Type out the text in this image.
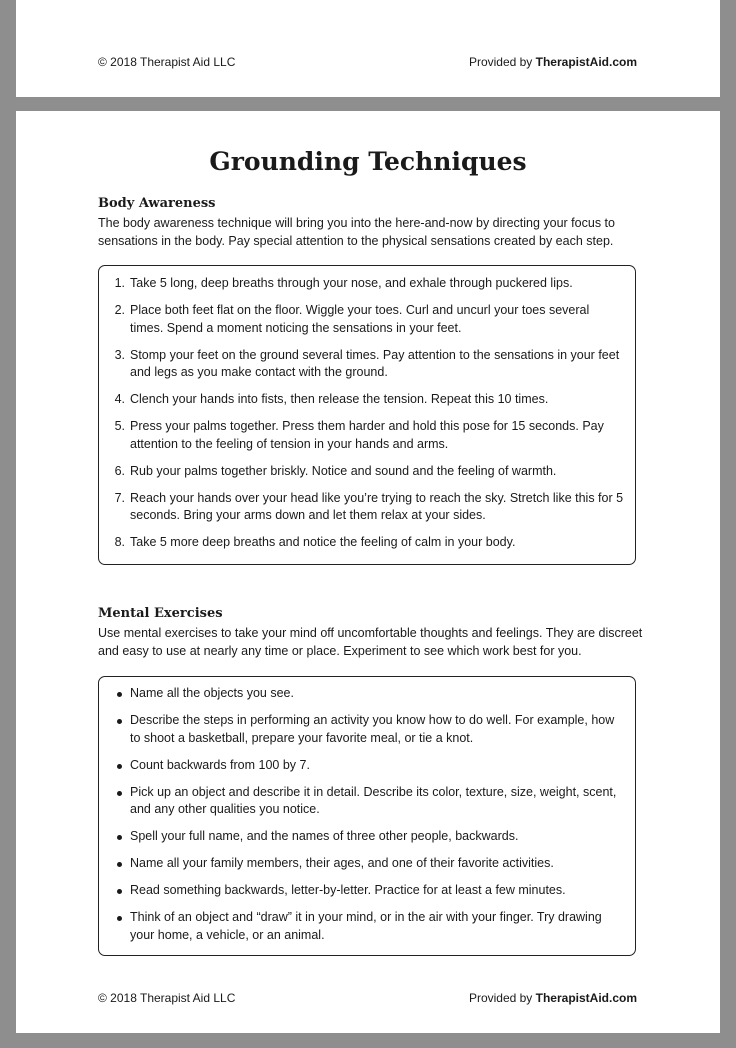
© 2018 Therapist Aid LLC	Provided by TherapistAid.com
Grounding Techniques
Body Awareness

The body awareness technique will bring you into the here-and-now by directing your focus to sensations in the body. Pay special attention to the physical sensations created by each step.

1. Take 5 long, deep breaths through your nose, and exhale through puckered lips.
2. Place both feet flat on the floor. Wiggle your toes. Curl and uncurl your toes several times. Spend a moment noticing the sensations in your feet.
3. Stomp your feet on the ground several times. Pay attention to the sensations in your feet and legs as you make contact with the ground.
4. Clench your hands into fists, then release the tension. Repeat this 10 times.
5. Press your palms together. Press them harder and hold this pose for 15 seconds. Pay attention to the feeling of tension in your hands and arms.
6. Rub your palms together briskly. Notice and sound and the feeling of warmth.
7. Reach your hands over your head like you’re trying to reach the sky. Stretch like this for 5 seconds. Bring your arms down and let them relax at your sides.
8. Take 5 more deep breaths and notice the feeling of calm in your body.
Mental Exercises

Use mental exercises to take your mind off uncomfortable thoughts and feelings. They are discreet and easy to use at nearly any time or place. Experiment to see which work best for you.

Name all the objects you see.
Describe the steps in performing an activity you know how to do well. For example, how to shoot a basketball, prepare your favorite meal, or tie a knot.
Count backwards from 100 by 7.
Pick up an object and describe it in detail. Describe its color, texture, size, weight, scent, and any other qualities you notice.
Spell your full name, and the names of three other people, backwards.
Name all your family members, their ages, and one of their favorite activities.
Read something backwards, letter-by-letter. Practice for at least a few minutes.
Think of an object and “draw” it in your mind, or in the air with your finger. Try drawing your home, a vehicle, or an animal.
© 2018 Therapist Aid LLC	Provided by TherapistAid.com
